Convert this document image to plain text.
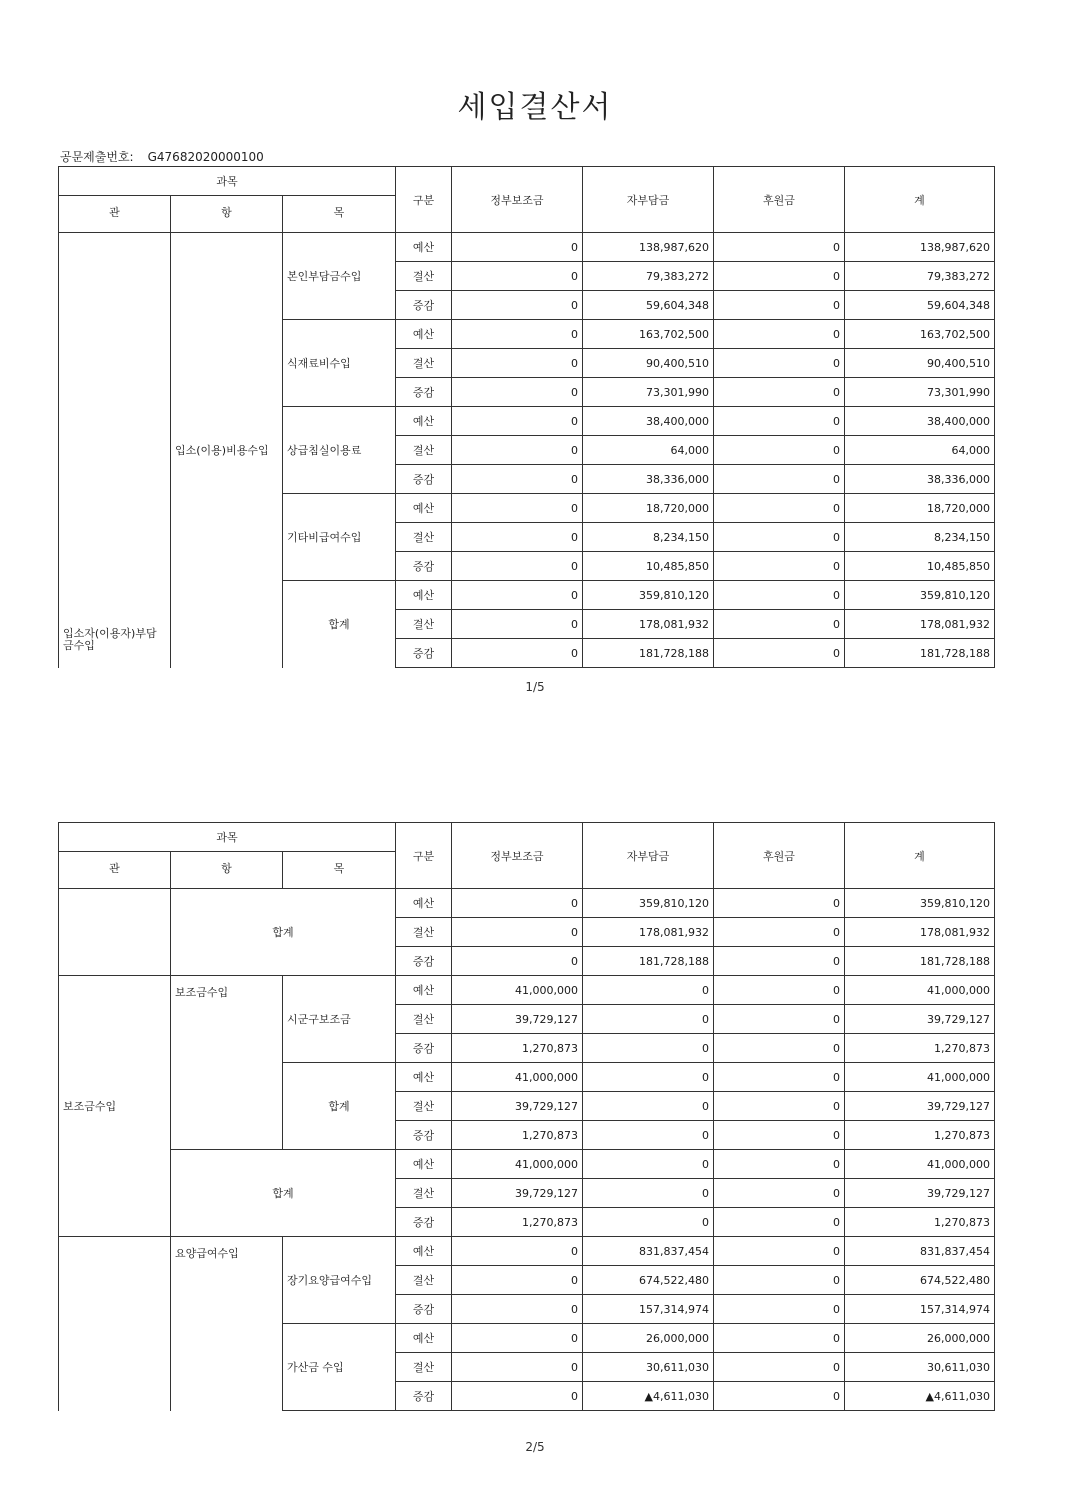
세입결산서
공문제출번호: G47682020000100
과목			구분	정부보조금	자부담금	후원금	계
관	항	목					
입소자(이용자)부담금수입	입소(이용)비용수입	본인부담금수입	예산	0	138,987,620	0	138,987,620
			결산	0	79,383,272	0	79,383,272
			증감	0	59,604,348	0	59,604,348
		식재료비수입	예산	0	163,702,500	0	163,702,500
			결산	0	90,400,510	0	90,400,510
			증감	0	73,301,990	0	73,301,990
		상급침실이용료	예산	0	38,400,000	0	38,400,000
			결산	0	64,000	0	64,000
			증감	0	38,336,000	0	38,336,000
		기타비급여수입	예산	0	18,720,000	0	18,720,000
			결산	0	8,234,150	0	8,234,150
			증감	0	10,485,850	0	10,485,850
		합계	예산	0	359,810,120	0	359,810,120
			결산	0	178,081,932	0	178,081,932
			증감	0	181,728,188	0	181,728,188
1/5
과목			구분	정부보조금	자부담금	후원금	계
관	항	목					
	합계		예산	0	359,810,120	0	359,810,120
			결산	0	178,081,932	0	178,081,932
			증감	0	181,728,188	0	181,728,188
보조금수입	보조금수입	시군구보조금	예산	41,000,000	0	0	41,000,000
			결산	39,729,127	0	0	39,729,127
			증감	1,270,873	0	0	1,270,873
		합계	예산	41,000,000	0	0	41,000,000
			결산	39,729,127	0	0	39,729,127
			증감	1,270,873	0	0	1,270,873
	합계		예산	41,000,000	0	0	41,000,000
			결산	39,729,127	0	0	39,729,127
			증감	1,270,873	0	0	1,270,873
	요양급여수입	장기요양급여수입	예산	0	831,837,454	0	831,837,454
			결산	0	674,522,480	0	674,522,480
			증감	0	157,314,974	0	157,314,974
		가산금 수입	예산	0	26,000,000	0	26,000,000
			결산	0	30,611,030	0	30,611,030
			증감	0	▲4,611,030	0	▲4,611,030
2/5
